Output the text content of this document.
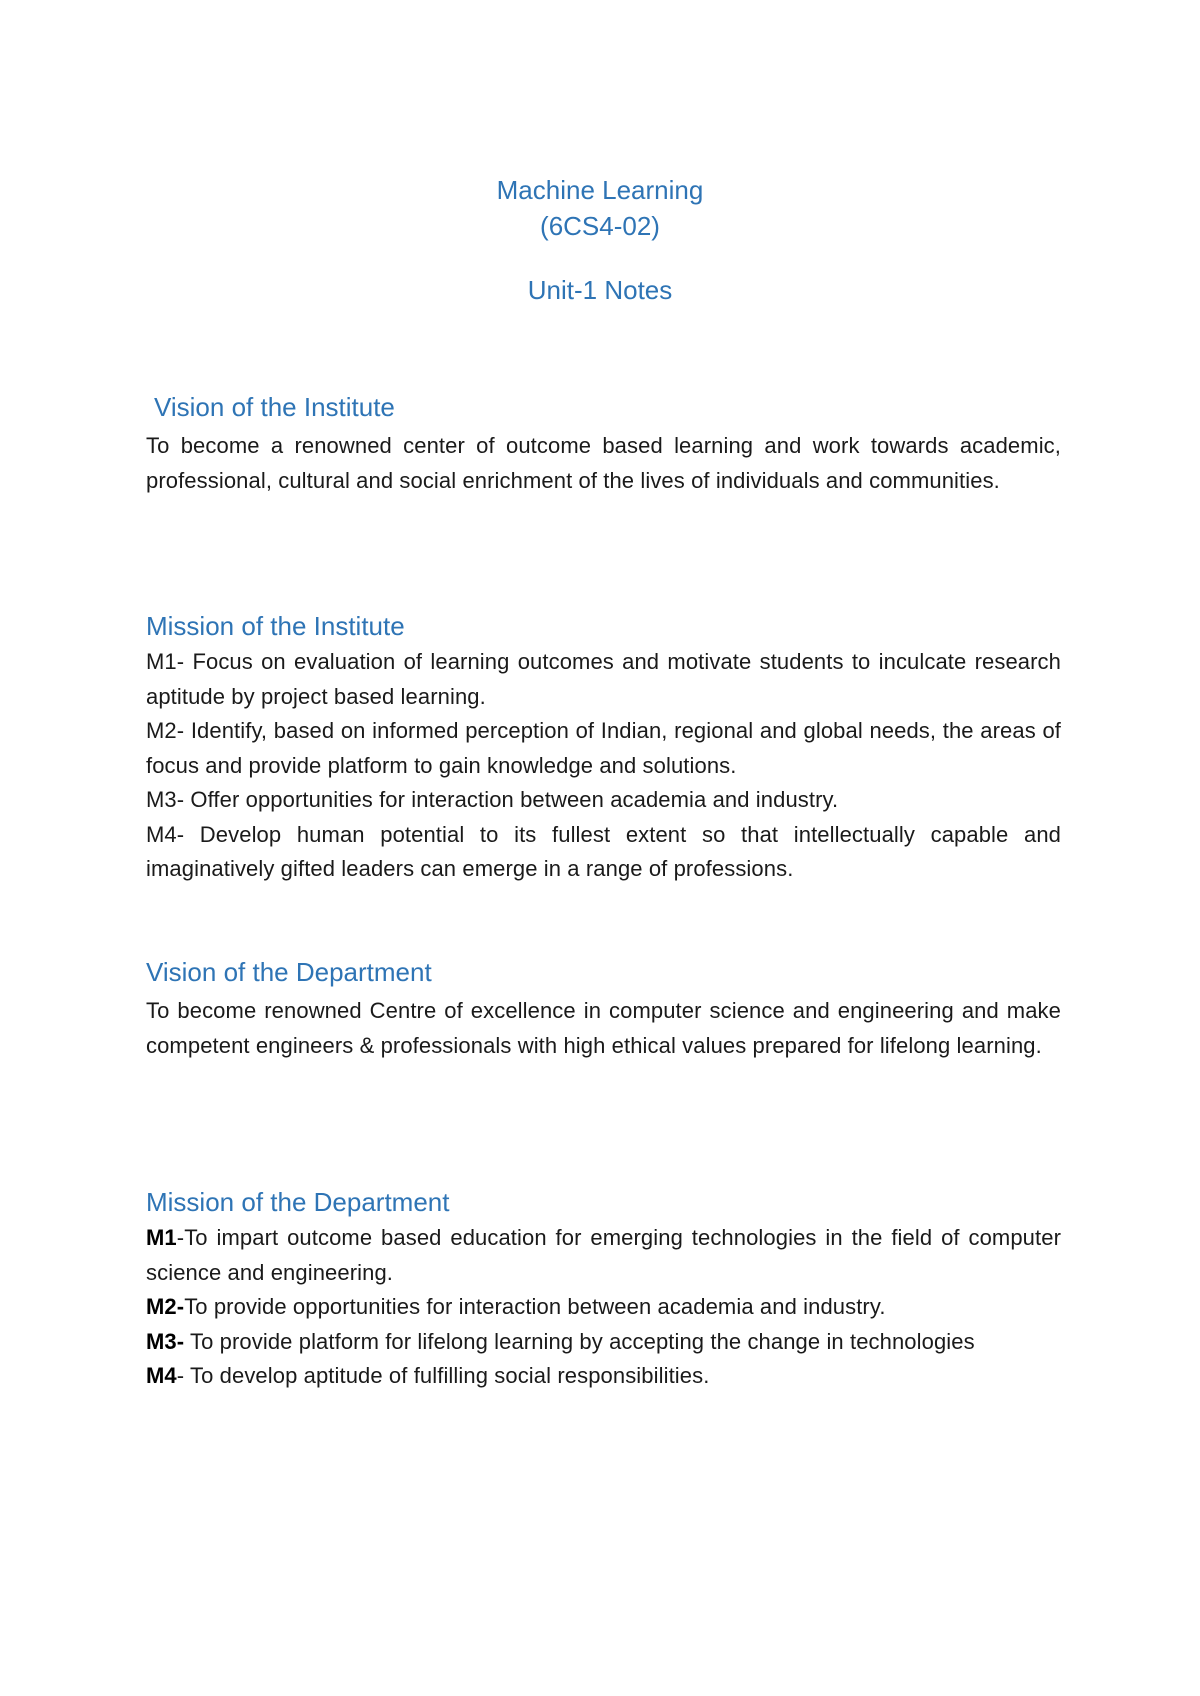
Machine Learning
(6CS4-02)
Unit-1 Notes
Vision of the Institute

To become a renowned center of outcome based learning and work towards academic, professional, cultural and social enrichment of the lives of individuals and communities.

Mission of the Institute

M1- Focus on evaluation of learning outcomes and motivate students to inculcate research aptitude by project based learning.

M2- Identify, based on informed perception of Indian, regional and global needs, the areas of focus and provide platform to gain knowledge and solutions.

M3- Offer opportunities for interaction between academia and industry.

M4- Develop human potential to its fullest extent so that intellectually capable and imaginatively gifted leaders can emerge in a range of professions.

Vision of the Department

To become renowned Centre of excellence in computer science and engineering and make competent engineers & professionals with high ethical values prepared for lifelong learning.

Mission of the Department

M1-To impart outcome based education for emerging technologies in the field of computer science and engineering.

M2-To provide opportunities for interaction between academia and industry.

M3- To provide platform for lifelong learning by accepting the change in technologies

M4- To develop aptitude of fulfilling social responsibilities.
